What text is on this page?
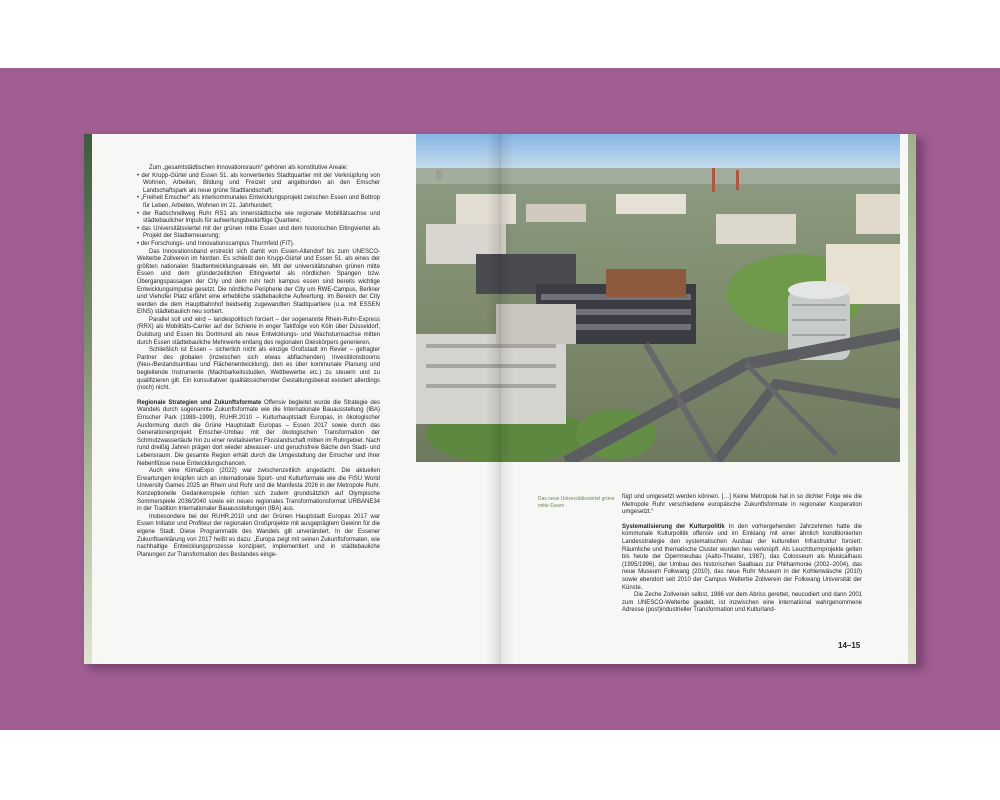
Zum „gesamtstädtischen Innovationsraum“ gehören als konstitutive Areale:

• der Krupp-Gürtel und Essen 51. als konvertiertes Stadtquartier mit der Verknüpfung von Wohnen, Arbeiten, Bildung und Freizeit und angebunden an den Emscher Landschaftspark als neue grüne Stadtlandschaft;
• „Freiheit Emscher“ als interkommunales Entwicklungsprojekt zwischen Essen und Bottrop für Leben, Arbeiten, Wohnen im 21. Jahrhundert;
• der Radschnellweg Ruhr RS1 als innerstädtische wie regionale Mobilitätsachse und städtebaulicher Impuls für aufwertungsbedürftige Quartiere;
• das Universitätsviertel mit der grünen mitte Essen und dem historischen Eltingviertel als Projekt der Stadterneuerung;
• der Forschungs- und Innovationscampus Thurmfeld (FIT).

Das Innovationsband erstreckt sich damit von Essen-Altendorf bis zum UNESCO-Welterbe Zollverein im Norden. Es schließt den Krupp-Gürtel und Essen 51. als eines der größten nationalen Stadtentwicklungsareale ein. Mit der universitätsnahen grünen mitte Essen und dem gründerzeitlichen Eltingviertel als nördlichen Spangen bzw. Übergangspassagen der City und dem ruhr tech kampus essen sind bereits wichtige Entwicklungsimpulse gesetzt. Die nördliche Peripherie der City um RWE-Campus, Berliner und Viehofer Platz erfährt eine erhebliche städtebauliche Aufwertung. Im Bereich der City werden die dem Hauptbahnhof beidseitig zugewandten Stadtquartiere (u.a. mit ESSEN EINS) städtebaulich neu sortiert.

Parallel soll und wird – landespolitisch forciert – der sogenannte Rhein-Ruhr-Express (RRX) als Mobilitäts-Carrier auf der Schiene in enger Taktfolge von Köln über Düsseldorf, Duisburg und Essen bis Dortmund als neue Entwicklungs- und Wachstumsachse mitten durch Essen städtebauliche Mehrwerte entlang des regionalen Gleiskörpers generieren.

Schließlich ist Essen – sicherlich nicht als einzige Großstadt im Revier – gefragter Partner des globalen (inzwischen sich etwas abflachenden) Investitionsbooms (Neu-/Bestandsumbau und Flächenentwicklung), den es über kommunale Planung und begleitende Instrumente (Machbarkeitsstudien, Wettbewerbe etc.) zu steuern und zu qualifizieren gilt. Ein konsultativer qualitätssichernder Gestaltungsbeirat existiert allerdings (noch) nicht.

Regionale Strategien und Zukunftsformate Offensiv begleitet wurde die Strategie des Wandels durch sogenannte Zukunftsformate wie die Internationale Bauausstellung (IBA) Emscher Park (1989–1999), RUHR.2010 – Kulturhauptstadt Europas, in ökologischer Ausformung durch die Grüne Hauptstadt Europas – Essen 2017 sowie durch das Generationenprojekt Emscher-Umbau mit der ökologischen Transformation der Schmutzwasserläufe hin zu einer revitalisierten Flusslandschaft mitten im Ruhrgebiet. Nach rund dreißig Jahren prägen dort wieder abwasser- und geruchsfreie Bäche den Stadt- und Lebensraum. Die gesamte Region erhält durch die Umgestaltung der Emscher und ihrer Nebenflüsse neue Entwicklungschancen.

Auch eine KlimaExpo (2022) war zwischenzeitlich angedacht. Die aktuellen Erwartungen knüpfen sich an internationale Sport- und Kulturformate wie die FISU World University Games 2025 an Rhein und Ruhr und die Manifesta 2026 in der Metropole Ruhr. Konzeptionelle Gedankenspiele richten sich zudem grundsätzlich auf Olympische Sommerspiele 2036/2040 sowie ein neues regionales Transformationsformat URBANE34 in der Tradition Internationaler Bauausstellungen (IBA) aus.

Insbesondere bei der RUHR.2010 und der Grünen Hauptstadt Europas 2017 war Essen Initiator und Profiteur der regionalen Großprojekte mit ausgeprägtem Gewinn für die eigene Stadt. Diese Programmatik des Wandels gilt unverändert. In der Essener Zukunftserklärung von 2017 heißt es dazu: „Europa zeigt mit seinen Zukunftsformaten, wie nachhaltige Entwicklungsprozesse konzipiert, implementiert und in städtebauliche Planungen zur Transformation des Bestandes einge-

Das neue Universitätsviertel grüne mitte Essen

fügt und umgesetzt werden können. […] Keine Metropole hat in so dichter Folge wie die Metropole Ruhr verschiedene europäische Zukunftsformate in regionaler Kooperation umgesetzt.“

Systematisierung der Kulturpolitik In den vorhergehenden Jahrzehnten hatte die kommunale Kulturpolitik offensiv und im Einklang mit einer ähnlich konditionierten Landesstrategie den systematischen Ausbau der kulturellen Infrastruktur forciert. Räumliche und thematische Cluster wurden neu verknüpft. Als Leuchtturmprojekte gelten bis heute der Opernneubau (Aalto-Theater, 1987), das Colosseum als Musicalhaus (1995/1996), der Umbau des historischen Saalbaus zur Philharmonie (2002–2004), das neue Museum Folkwang (2010), das neue Ruhr Museum in der Kohlenwäsche (2010) sowie ebendort seit 2010 der Campus Welterbe Zollverein der Folkwang Universität der Künste.

Die Zeche Zollverein selbst, 1986 vor dem Abriss gerettet, neucodiert und dann 2001 zum UNESCO-Welterbe geadelt, ist inzwischen eine international wahrgenommene Adresse (post)industrieller Transformation und Kulturland-

14–15
